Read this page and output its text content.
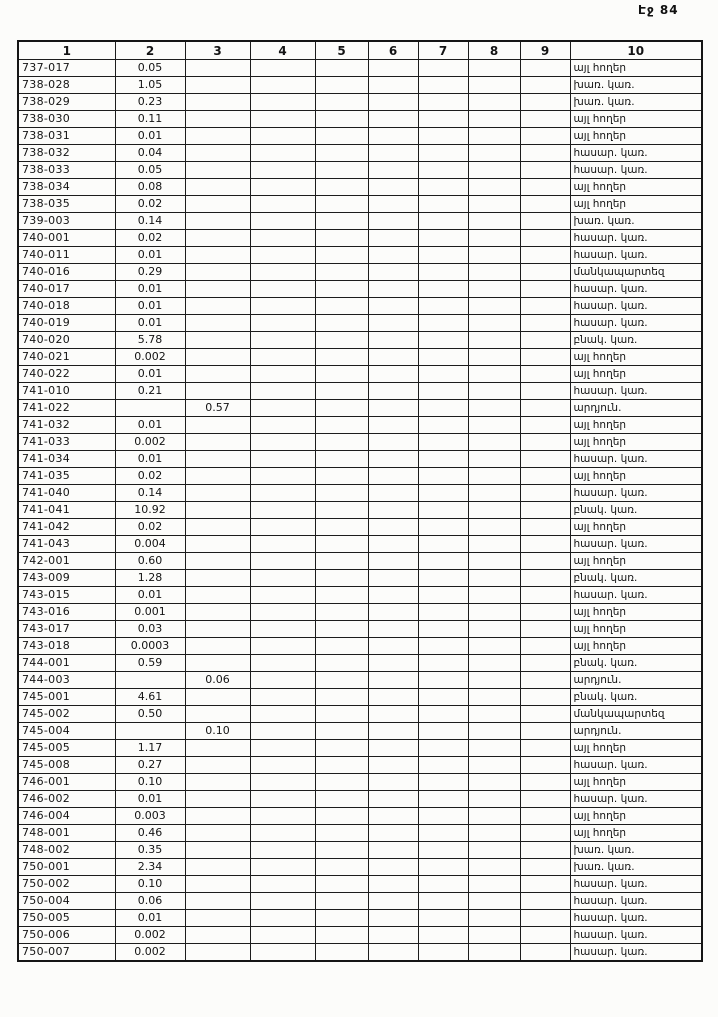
Էջ 84
1	2	3	4	5	6	7	8	9	10
737-017	0.05								այլ հողեր
738-028	1.05								խառ. կառ.
738-029	0.23								խառ. կառ.
738-030	0.11								այլ հողեր
738-031	0.01								այլ հողեր
738-032	0.04								հասար. կառ.
738-033	0.05								հասար. կառ.
738-034	0.08								այլ հողեր
738-035	0.02								այլ հողեր
739-003	0.14								խառ. կառ.
740-001	0.02								հասար. կառ.
740-011	0.01								հասար. կառ.
740-016	0.29								մանկապարտեզ
740-017	0.01								հասար. կառ.
740-018	0.01								հասար. կառ.
740-019	0.01								հասար. կառ.
740-020	5.78								բնակ. կառ.
740-021	0.002								այլ հողեր
740-022	0.01								այլ հողեր
741-010	0.21								հասար. կառ.
741-022		0.57							արդյուն.
741-032	0.01								այլ հողեր
741-033	0.002								այլ հողեր
741-034	0.01								հասար. կառ.
741-035	0.02								այլ հողեր
741-040	0.14								հասար. կառ.
741-041	10.92								բնակ. կառ.
741-042	0.02								այլ հողեր
741-043	0.004								հասար. կառ.
742-001	0.60								այլ հողեր
743-009	1.28								բնակ. կառ.
743-015	0.01								հասար. կառ.
743-016	0.001								այլ հողեր
743-017	0.03								այլ հողեր
743-018	0.0003								այլ հողեր
744-001	0.59								բնակ. կառ.
744-003		0.06							արդյուն.
745-001	4.61								բնակ. կառ.
745-002	0.50								մանկապարտեզ
745-004		0.10							արդյուն.
745-005	1.17								այլ հողեր
745-008	0.27								հասար. կառ.
746-001	0.10								այլ հողեր
746-002	0.01								հասար. կառ.
746-004	0.003								այլ հողեր
748-001	0.46								այլ հողեր
748-002	0.35								խառ. կառ.
750-001	2.34								խառ. կառ.
750-002	0.10								հասար. կառ.
750-004	0.06								հասար. կառ.
750-005	0.01								հասար. կառ.
750-006	0.002								հասար. կառ.
750-007	0.002								հասար. կառ.
